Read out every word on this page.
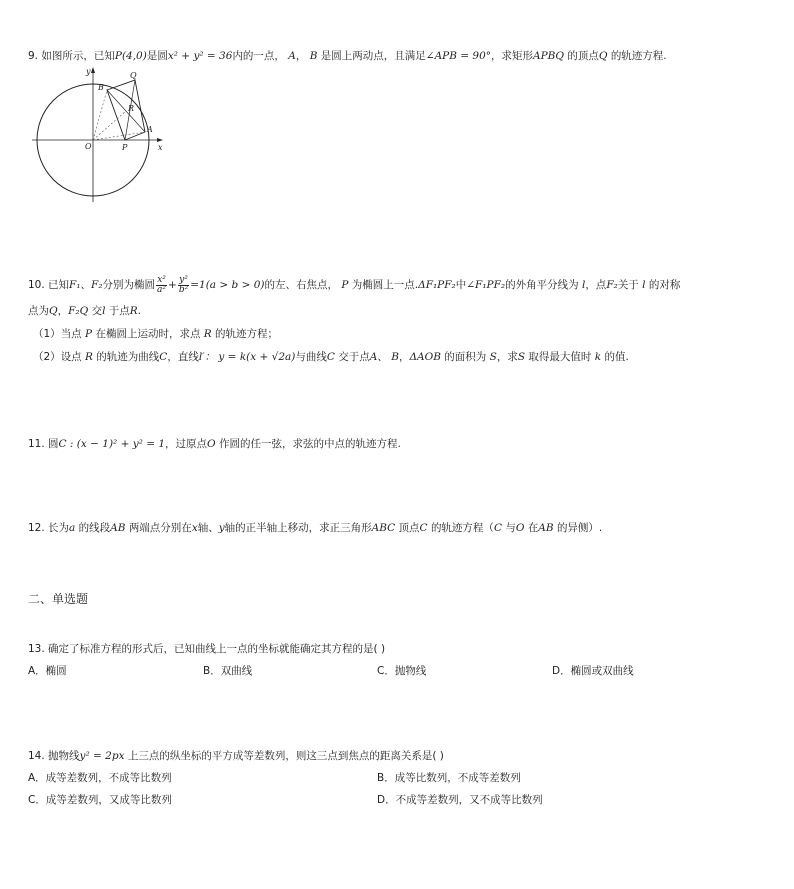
9. 如图所示，已知P(4,0)是圆x² + y² = 36内的一点， A， B 是圆上两动点，且满足∠APB = 90°，求矩形APBQ 的顶点Q 的轨迹方程.
y
x
O	P
A
B
Q
R
10. 已知F₁、F₂分别为椭圆 $\frac{\text{x²}}{\text{a²}} + \frac{\text{y²}}{\text{b²}} =1(a > b > 0)$的左、右焦点， P 为椭圆上一点.ΔF₁PF₂中∠F₁PF₂的外角平分线为 l，点F₂关于 l 的对称
点为Q，F₂Q 交l 于点R.
（1）当点 P 在椭圆上运动时，求点 R 的轨迹方程；
（2）设点 R 的轨迹为曲线C，直线l′： y = k(x + √2a)与曲线C 交于点A、 B，ΔAOB 的面积为 S，求S 取得最大值时 k 的值.
11. 圆C : (x − 1)² + y² = 1，过原点O 作圆的任一弦，求弦的中点的轨迹方程.
12. 长为a 的线段AB 两端点分别在x轴、y轴的正半轴上移动，求正三角形ABC 顶点C 的轨迹方程（C 与O 在AB 的异侧）.
二、单选题
13. 确定了标准方程的形式后，已知曲线上一点的坐标就能确定其方程的是( )
A．椭圆	B．双曲线	C．抛物线	D．椭圆或双曲线
14. 抛物线y² = 2px 上三点的纵坐标的平方成等差数列，则这三点到焦点的距离关系是( )
A．成等差数列，不成等比数列	B．成等比数列，不成等差数列
C．成等差数列，又成等比数列	D．不成等差数列，又不成等比数列
